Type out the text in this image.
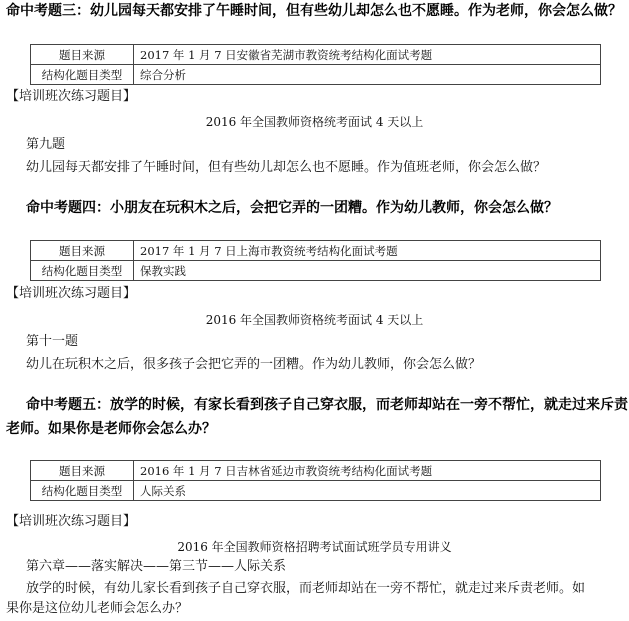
命中考题三：幼儿园每天都安排了午睡时间，但有些幼儿却怎么也不愿睡。作为老师，你会怎么做？
题目来源	2017 年 1 月 7 日安徽省芜湖市教资统考结构化面试考题
结构化题目类型	综合分析
【培训班次练习题目】
2016 年全国教师资格统考面试 4 天以上
第九题
幼儿园每天都安排了午睡时间，但有些幼儿却怎么也不愿睡。作为值班老师，你会怎么做？
命中考题四：小朋友在玩积木之后，会把它弄的一团糟。作为幼儿教师，你会怎么做？
题目来源	2017 年 1 月 7 日上海市教资统考结构化面试考题
结构化题目类型	保教实践
【培训班次练习题目】
2016 年全国教师资格统考面试 4 天以上
第十一题
幼儿在玩积木之后，很多孩子会把它弄的一团糟。作为幼儿教师，你会怎么做？
命中考题五：放学的时候，有家长看到孩子自己穿衣服，而老师却站在一旁不帮忙，就走过来斥责
老师。如果你是老师你会怎么办？
题目来源	2016 年 1 月 7 日吉林省延边市教资统考结构化面试考题
结构化题目类型	人际关系
【培训班次练习题目】
2016 年全国教师资格招聘考试面试班学员专用讲义
第六章——落实解决——第三节——人际关系
放学的时候，有幼儿家长看到孩子自己穿衣服，而老师却站在一旁不帮忙，就走过来斥责老师。如
果你是这位幼儿老师会怎么办？
